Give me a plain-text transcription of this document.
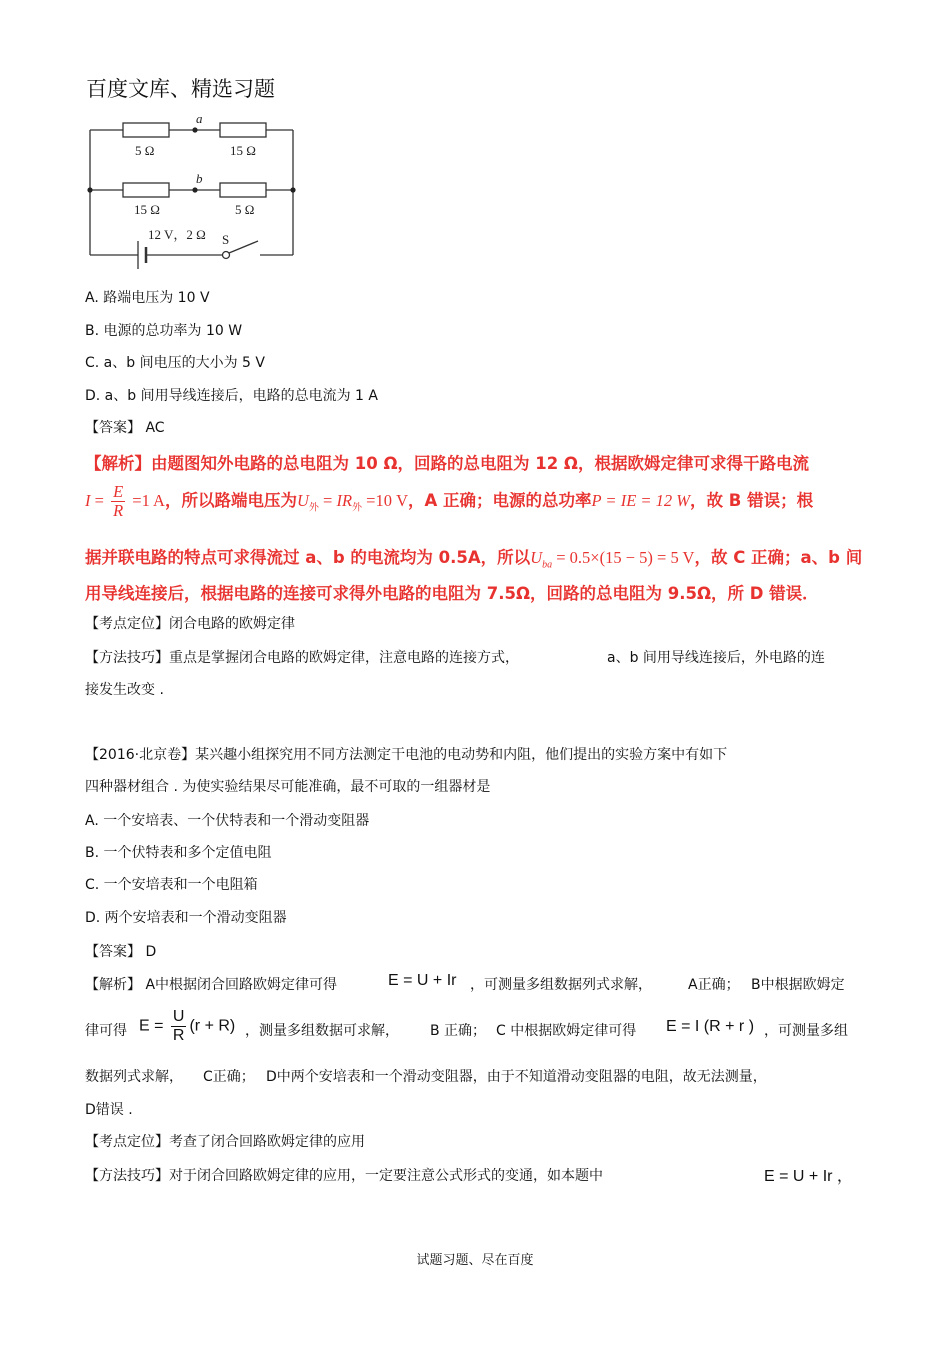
百度文库、精选习题
5 Ω	15 Ω
15 Ω	5 Ω
a
b
12 V，2 Ω S
A. 路端电压为 10 V
B. 电源的总功率为 10 W
C. a、b 间电压的大小为 5 V
D. a、b 间用导线连接后，电路的总电流为 1 A
【答案】 AC
【解析】由题图知外电路的总电阻为 10 Ω，回路的总电阻为 12 Ω，根据欧姆定律可求得干路电流
$I = \frac{E}{R} =1$ A，所以路端电压为$U_外 = IR_外 =10$ V，A 正确；电源的总功率P = IE = 12 W，故 B 错误；根
据并联电路的特点可求得流过 a、b 的电流均为 0.5A，所以$U_{ba} = 0.5\times(15 - 5) = 5$ V，故 C 正确；a、b 间
用导线连接后，根据电路的连接可求得外电路的电阻为 7.5Ω，回路的总电阻为 9.5Ω，所 D 错误．
【考点定位】闭合电路的欧姆定律
【方法技巧】重点是掌握闭合电路的欧姆定律，注意电路的连接方式，	a、b 间用导线连接后，外电路的连
接发生改变 .
【2016·北京卷】某兴趣小组探究用不同方法测定干电池的电动势和内阻，他们提出的实验方案中有如下
四种器材组合 . 为使实验结果尽可能准确，最不可取的一组器材是
A. 一个安培表、一个伏特表和一个滑动变阻器
B. 一个伏特表和多个定值电阻
C. 一个安培表和一个电阻箱
D. 两个安培表和一个滑动变阻器
【答案】 D
【解析】 A中根据闭合回路欧姆定律可得	E = U + Ir ，可测量多组数据列式求解，	A正确； B中根据欧姆定
律可得 $E = \frac{U}{R} (r + R)$ ，测量多组数据可求解， B 正确； C 中根据欧姆定律可得 E = I (R + r ) ，可测量多组
数据列式求解， C正确； D中两个安培表和一个滑动变阻器，由于不知道滑动变阻器的电阻，故无法测量，
D错误 .
【考点定位】考查了闭合回路欧姆定律的应用
【方法技巧】对于闭合回路欧姆定律的应用，一定要注意公式形式的变通，如本题中	E = U + Ir ，
试题习题、尽在百度
